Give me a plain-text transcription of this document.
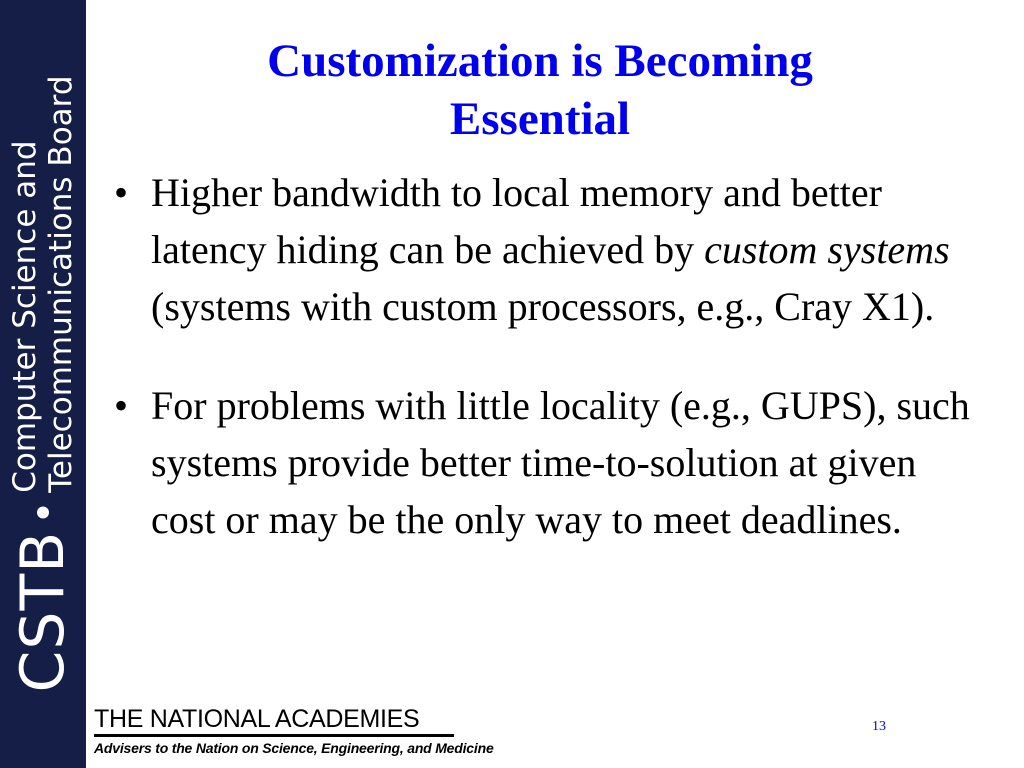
CSTB
Computer Science and Telecommunications Board
Customization is Becoming
Essential
• Higher bandwidth to local memory and better latency hiding can be achieved by custom systems (systems with custom processors, e.g., Cray X1).
• For problems with little locality (e.g., GUPS), such systems provide better time-to-solution at given cost or may be the only way to meet deadlines.
THE NATIONAL ACADEMIES
Advisers to the Nation on Science, Engineering, and Medicine
13
